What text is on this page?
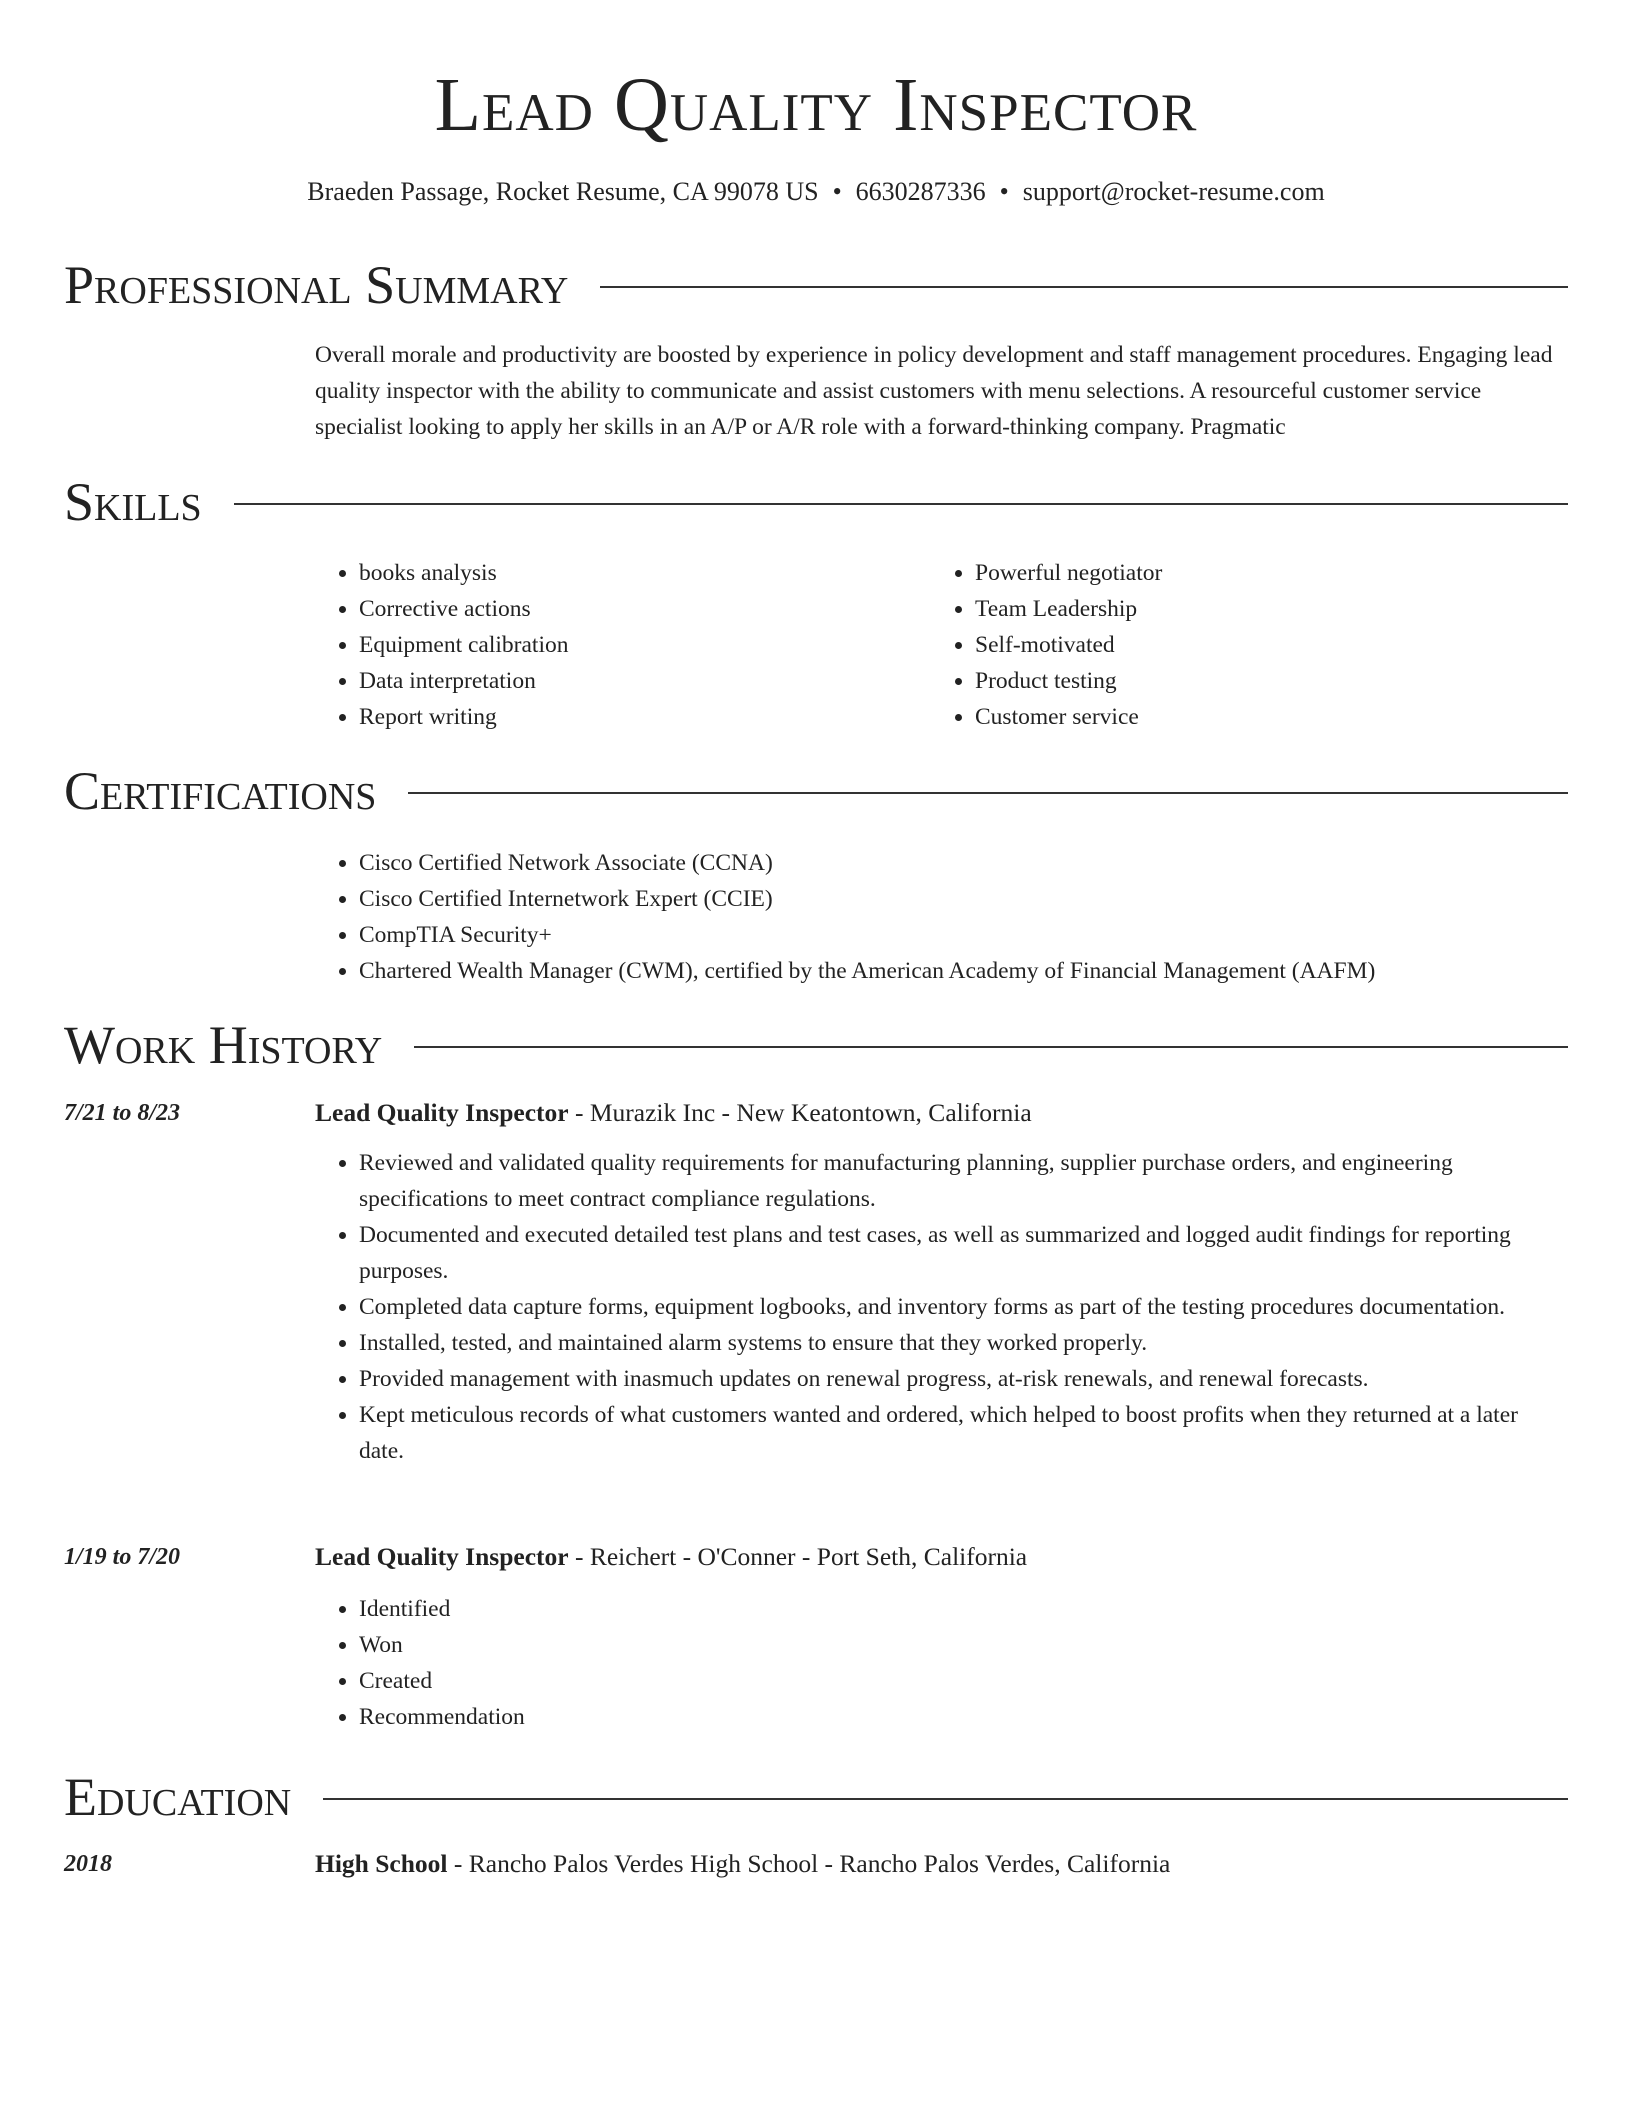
Lead Quality Inspector
Braeden Passage, Rocket Resume, CA 99078 US • 6630287336 • support@rocket-resume.com
Professional Summary
Overall morale and productivity are boosted by experience in policy development and staff management procedures. Engaging lead quality inspector with the ability to communicate and assist customers with menu selections. A resourceful customer service specialist looking to apply her skills in an A/P or A/R role with a forward-thinking company. Pragmatic
Skills
• books analysis
• Corrective actions
• Equipment calibration
• Data interpretation
• Report writing
• Powerful negotiator
• Team Leadership
• Self-motivated
• Product testing
• Customer service
Certifications
• Cisco Certified Network Associate (CCNA)
• Cisco Certified Internetwork Expert (CCIE)
• CompTIA Security+
• Chartered Wealth Manager (CWM), certified by the American Academy of Financial Management (AAFM)
Work History
7/21 to 8/23	Lead Quality Inspector - Murazik Inc - New Keatontown, California
• Reviewed and validated quality requirements for manufacturing planning, supplier purchase orders, and engineering specifications to meet contract compliance regulations.
• Documented and executed detailed test plans and test cases, as well as summarized and logged audit findings for reporting purposes.
• Completed data capture forms, equipment logbooks, and inventory forms as part of the testing procedures documentation.
• Installed, tested, and maintained alarm systems to ensure that they worked properly.
• Provided management with inasmuch updates on renewal progress, at-risk renewals, and renewal forecasts.
• Kept meticulous records of what customers wanted and ordered, which helped to boost profits when they returned at a later date.
1/19 to 7/20	Lead Quality Inspector - Reichert - O'Conner - Port Seth, California
• Identified
• Won
• Created
• Recommendation
Education
2018	High School - Rancho Palos Verdes High School - Rancho Palos Verdes, California
